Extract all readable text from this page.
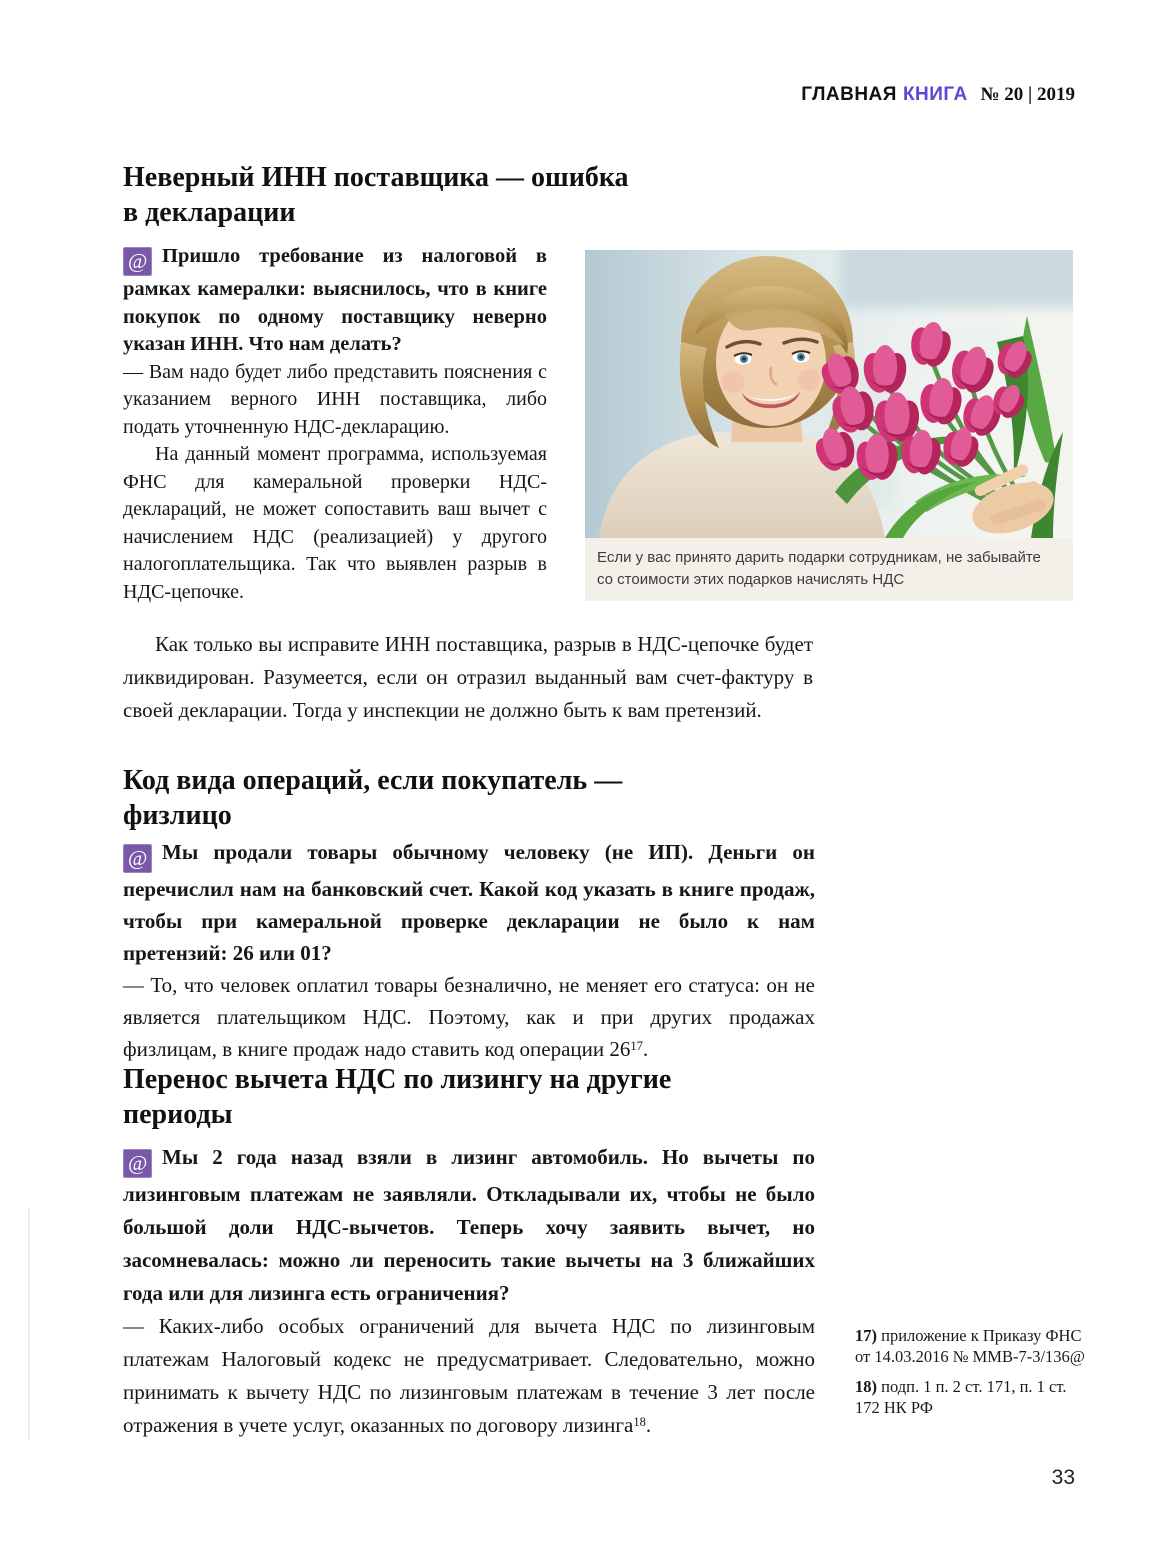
ГЛАВНАЯ КНИГА № 20 | 2019
Неверный ИНН поставщика — ошибка
в декларации

@ Пришло требование из налоговой в рамках камералки: выяснилось, что в книге покупок по одному поставщику неверно указан ИНН. Что нам делать?

— Вам надо будет либо представить пояснения с указанием верного ИНН поставщика, либо подать уточненную НДС-декларацию.

На данный момент программа, используемая ФНС для камеральной проверки НДС-деклараций, не может сопоставить ваш вычет с начислением НДС (реализацией) у другого налогоплательщика. Так что выявлен разрыв в НДС-цепочке.

Как только вы исправите ИНН поставщика, разрыв в НДС-цепочке будет ликвидирован. Разумеется, если он отразил выданный вам счет-фактуру в своей декларации. Тогда у инспекции не должно быть к вам претензий.

Если у вас принято дарить подарки сотрудникам, не забывайте со стоимости этих подарков начислять НДС
Код вида операций, если покупатель —
физлицо

@ Мы продали товары обычному человеку (не ИП). Деньги он перечислил нам на банковский счет. Какой код указать в книге продаж, чтобы при камеральной проверке декларации не было к нам претензий: 26 или 01?

— То, что человек оплатил товары безналично, не меняет его статуса: он не является плательщиком НДС. Поэтому, как и при других продажах физлицам, в книге продаж надо ставить код операции $26^{17}$.

Перенос вычета НДС по лизингу на другие
периоды

@ Мы 2 года назад взяли в лизинг автомобиль. Но вычеты по лизинговым платежам не заявляли. Откладывали их, чтобы не было большой доли НДС-вычетов. Теперь хочу заявить вычет, но засомневалась: можно ли переносить такие вычеты на 3 ближайших года или для лизинга есть ограничения?

— Каких-либо особых ограничений для вычета НДС по лизинговым платежам Налоговый кодекс не предусматривает. Следовательно, можно принимать к вычету НДС по лизинговым платежам в течение 3 лет после отражения в учете услуг, оказанных по договору лизинга$^{18}$.

17) приложение к Приказу ФНС от 14.03.2016 № ММВ-7-3/136@
18) подп. 1 п. 2 ст. 171, п. 1 ст. 172 НК РФ
33
